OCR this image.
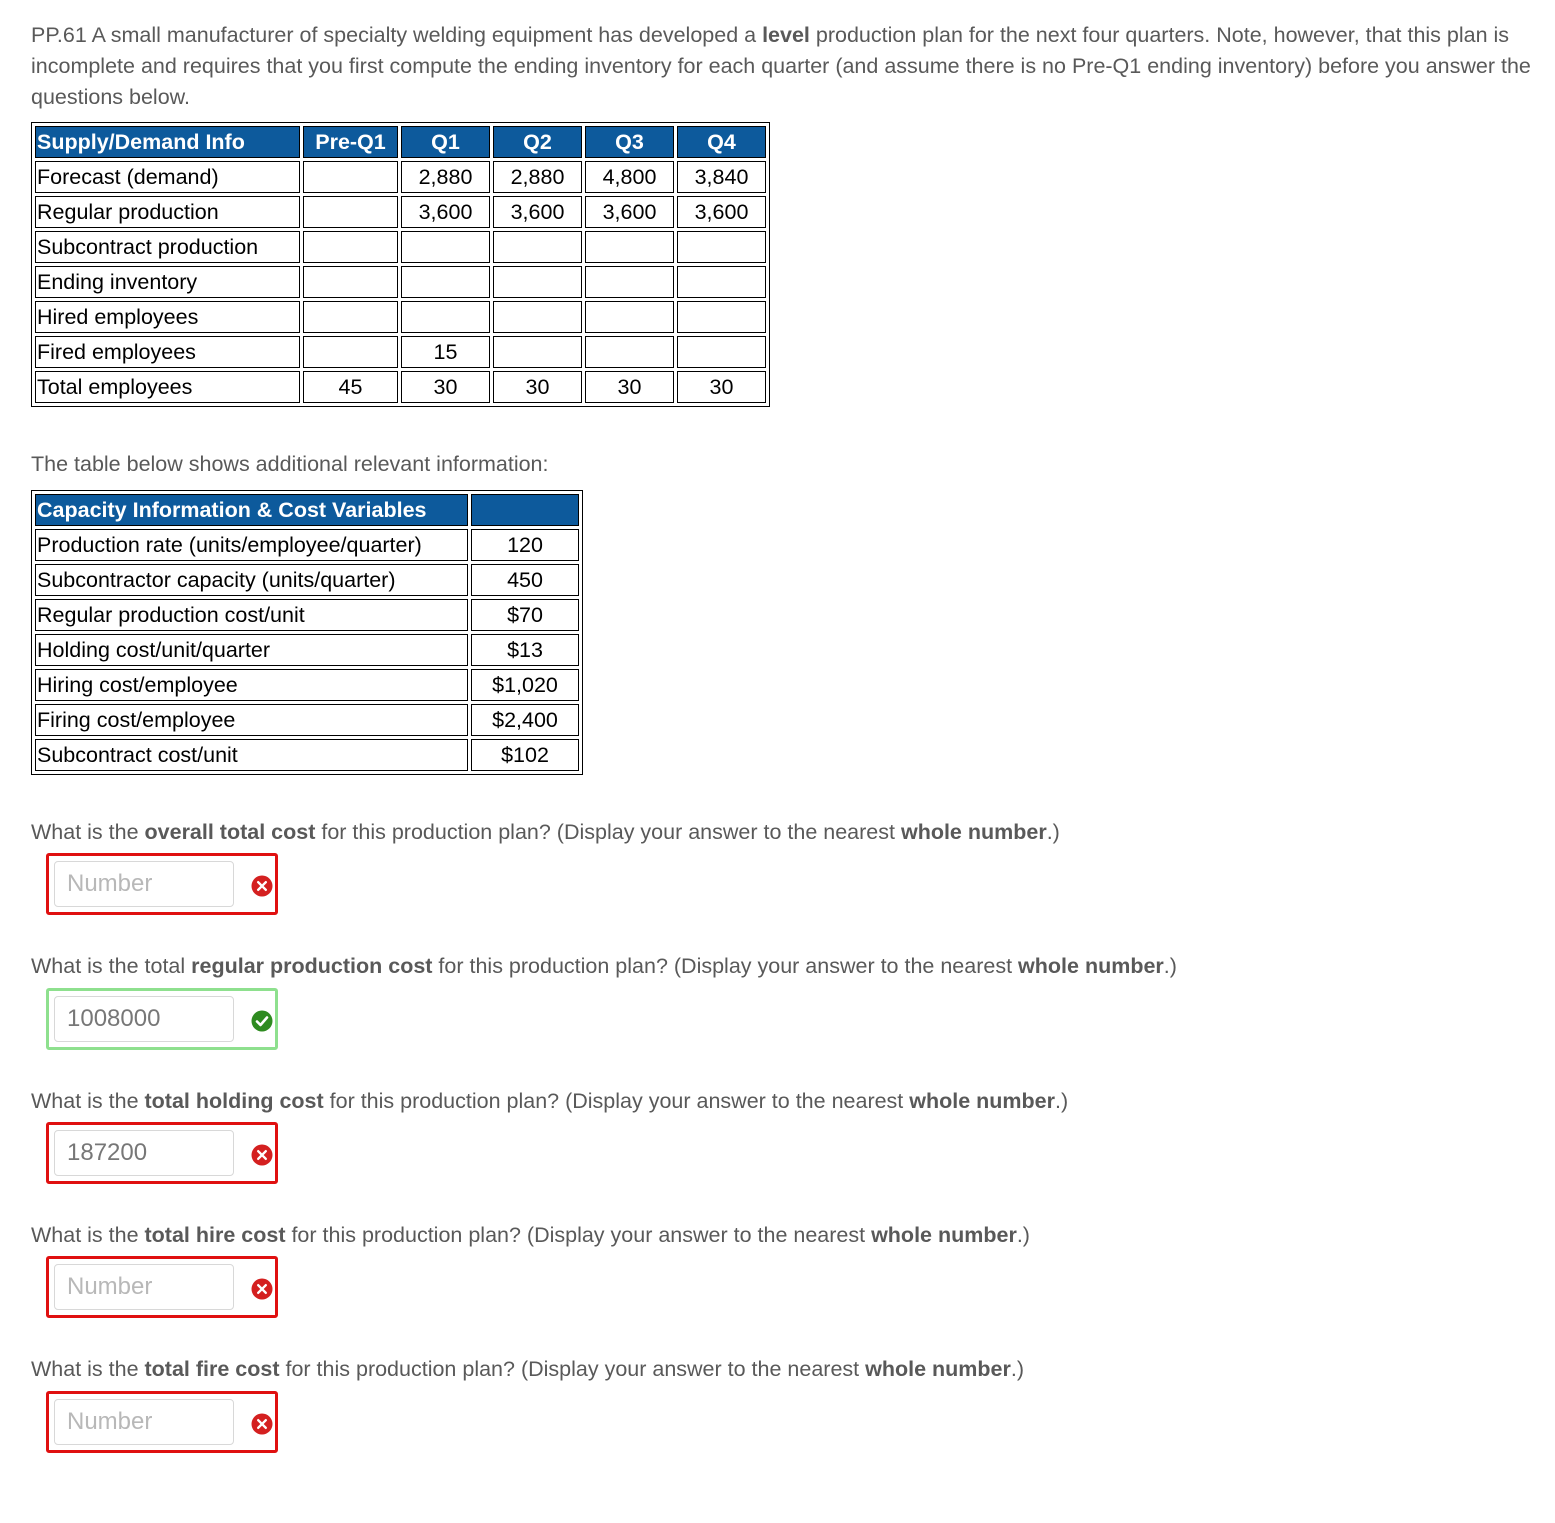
PP.61 A small manufacturer of specialty welding equipment has developed a level production plan for the next four quarters. Note, however, that this plan is incomplete and requires that you first compute the ending inventory for each quarter (and assume there is no Pre-Q1 ending inventory) before you answer the questions below.
Supply/Demand Info	Pre-Q1	Q1	Q2	Q3	Q4
Forecast (demand)		2,880	2,880	4,800	3,840
Regular production		3,600	3,600	3,600	3,600
Subcontract production					
Ending inventory					
Hired employees					
Fired employees		15			
Total employees	45	30	30	30	30
The table below shows additional relevant information:
Capacity Information & Cost Variables	
Production rate (units/employee/quarter)	120
Subcontractor capacity (units/quarter)	450
Regular production cost/unit	$70
Holding cost/unit/quarter	$13
Hiring cost/employee	$1,020
Firing cost/employee	$2,400
Subcontract cost/unit	$102
What is the overall total cost for this production plan? (Display your answer to the nearest whole number.)
Number
What is the total regular production cost for this production plan? (Display your answer to the nearest whole number.)
1008000
What is the total holding cost for this production plan? (Display your answer to the nearest whole number.)
187200
What is the total hire cost for this production plan? (Display your answer to the nearest whole number.)
Number
What is the total fire cost for this production plan? (Display your answer to the nearest whole number.)
Number
